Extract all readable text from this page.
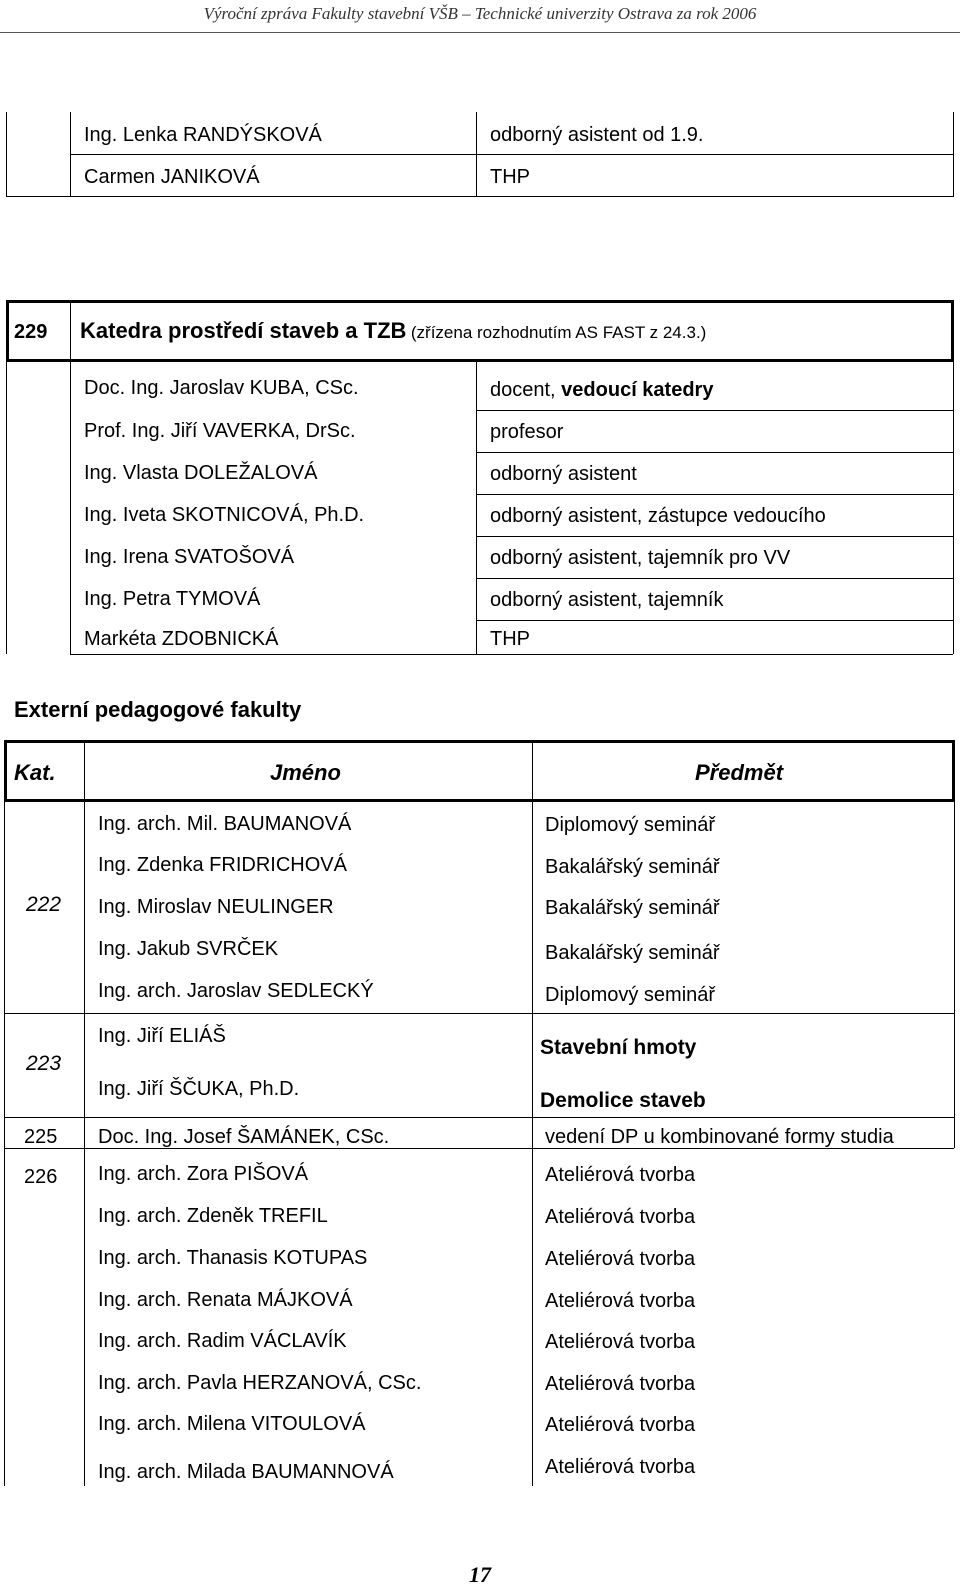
Výroční zpráva Fakulty stavební VŠB – Technické univerzity Ostrava za rok 2006
Ing. Lenka RANDÝSKOVÁ	odborný asistent od 1.9.
Carmen JANIKOVÁ	THP
229 Katedra prostředí staveb a TZB (zřízena rozhodnutím AS FAST z 24.3.)
Doc. Ing. Jaroslav KUBA, CSc.	docent, vedoucí katedry
Prof. Ing. Jiří VAVERKA, DrSc.	profesor
Ing. Vlasta DOLEŽALOVÁ	odborný asistent
Ing. Iveta SKOTNICOVÁ, Ph.D.	odborný asistent, zástupce vedoucího
Ing. Irena SVATOŠOVÁ	odborný asistent, tajemník pro VV
Ing. Petra TYMOVÁ	odborný asistent, tajemník
Markéta ZDOBNICKÁ	THP
Externí pedagogové fakulty
Kat.	Jméno	Předmět
222
Ing. arch. Mil. BAUMANOVÁ	Diplomový seminář
Ing. Zdenka FRIDRICHOVÁ	Bakalářský seminář
Ing. Miroslav NEULINGER	Bakalářský seminář
Ing. Jakub SVRČEK	Bakalářský seminář
Ing. arch. Jaroslav SEDLECKÝ	Diplomový seminář
223
Ing. Jiří ELIÁŠ	Stavební hmoty
Ing. Jiří ŠČUKA, Ph.D.	Demolice staveb
225 Doc. Ing. Josef ŠAMÁNEK, CSc.	vedení DP u kombinované formy studia
226 Ing. arch. Zora PIŠOVÁ	Ateliérová tvorba
Ing. arch. Zdeněk TREFIL	Ateliérová tvorba
Ing. arch. Thanasis KOTUPAS	Ateliérová tvorba
Ing. arch. Renata MÁJKOVÁ	Ateliérová tvorba
Ing. arch. Radim VÁCLAVÍK	Ateliérová tvorba
Ing. arch. Pavla HERZANOVÁ, CSc.	Ateliérová tvorba
Ing. arch. Milena VITOULOVÁ	Ateliérová tvorba
Ing. arch. Milada BAUMANNOVÁ	Ateliérová tvorba
17
